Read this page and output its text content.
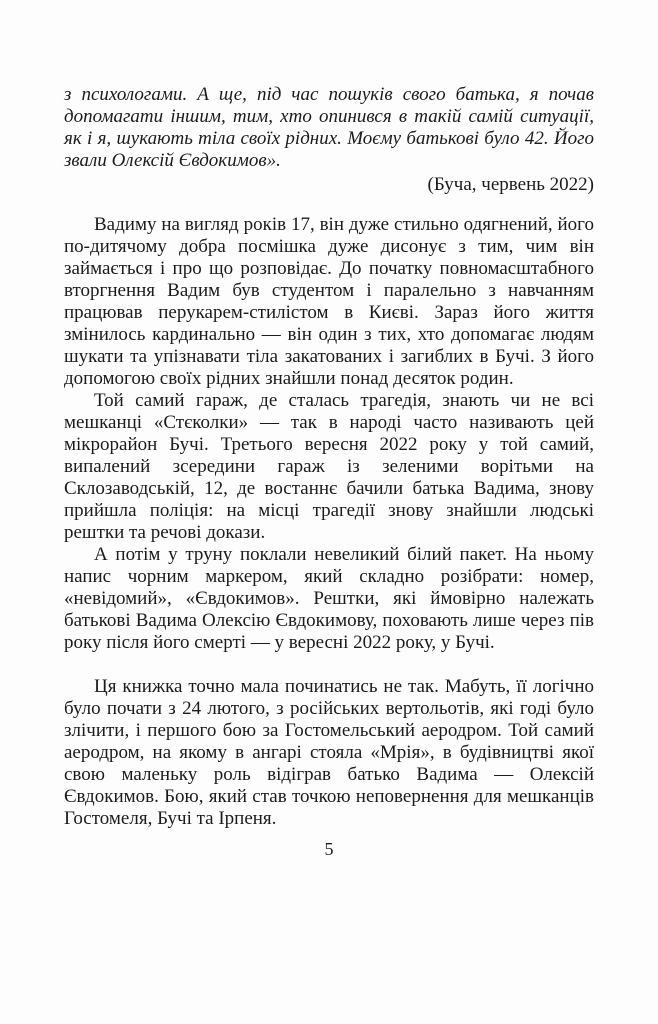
з психологами. А ще, під час пошуків свого батька, я почав допомагати іншим, тим, хто опинився в такій самій ситуації, як і я, шукають тіла своїх рідних. Моєму батькові було 42. Його звали Олексій Євдокимов».

(Буча, червень 2022)

Вадиму на вигляд років 17, він дуже стильно одягнений, його по-дитячому добра посмішка дуже дисонує з тим, чим він займається і про що розповідає. До початку повномасштабного вторгнення Вадим був студентом і паралельно з навчанням працював перукарем-стилістом в Києві. Зараз його життя змінилось кардинально — він один з тих, хто допомагає людям шукати та упізнавати тіла закатованих і загиблих в Бучі. З його допомогою своїх рідних знайшли понад десяток родин.

Той самий гараж, де сталась трагедія, знають чи не всі мешканці «Стєколки» — так в народі часто називають цей мікрорайон Бучі. Третього вересня 2022 року у той самий, випалений зсередини гараж із зеленими ворітьми на Склозаводській, 12, де востаннє бачили батька Вадима, знову прийшла поліція: на місці трагедії знову знайшли людські рештки та речові докази.

А потім у труну поклали невеликий білий пакет. На ньому напис чорним маркером, який складно розібрати: номер, «невідомий», «Євдокимов». Рештки, які ймовірно належать батькові Вадима Олексію Євдокимову, поховають лише через пів року після його смерті — у вересні 2022 року, у Бучі.

Ця книжка точно мала починатись не так. Мабуть, її логічно було почати з 24 лютого, з російських вертольотів, які годі було злічити, і першого бою за Гостомельський аеродром. Той самий аеродром, на якому в ангарі стояла «Мрія», в будівництві якої свою маленьку роль відіграв батько Вадима — Олексій Євдокимов. Бою, який став точкою неповернення для мешканців Гостомеля, Бучі та Ірпеня.

5
